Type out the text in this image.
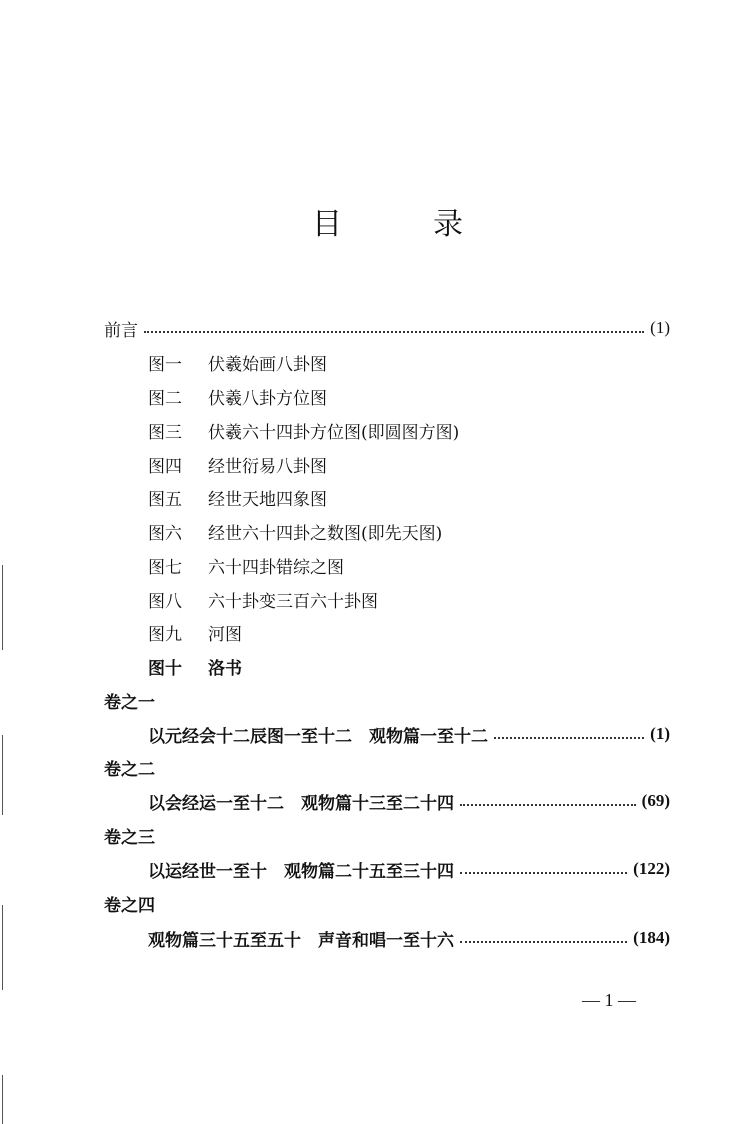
目	录
前言	(1)
图一	伏羲始画八卦图
图二	伏羲八卦方位图
图三	伏羲六十四卦方位图(即圆图方图)
图四	经世衍易八卦图
图五	经世天地四象图
图六	经世六十四卦之数图(即先天图)
图七	六十四卦错综之图
图八	六十卦变三百六十卦图
图九	河图
图十	洛书
卷之一
以元经会十二辰图一至十二　观物篇一至十二	(1)
卷之二
以会经运一至十二　观物篇十三至二十四	(69)
卷之三
以运经世一至十　观物篇二十五至三十四	(122)
卷之四
观物篇三十五至五十　声音和唱一至十六	(184)
— 1 —
